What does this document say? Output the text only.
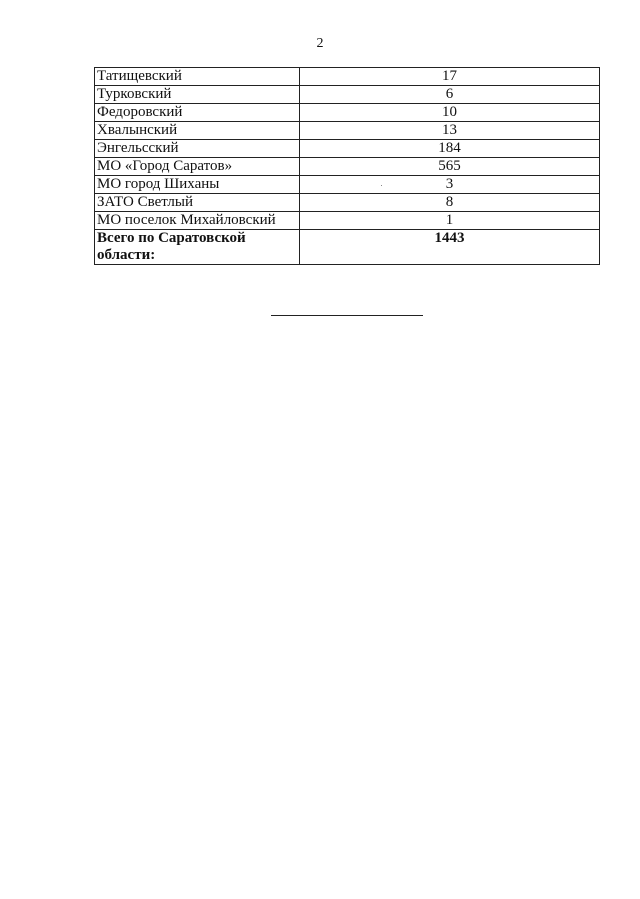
2
Татищевский	17
Турковский	6
Федоровский	10
Хвалынский	13
Энгельсский	184
МО «Город Саратов»	565
МО город Шиханы	3
ЗАТО Светлый	8
МО поселок Михайловский	1
Всего по Саратовской
области:	1443
